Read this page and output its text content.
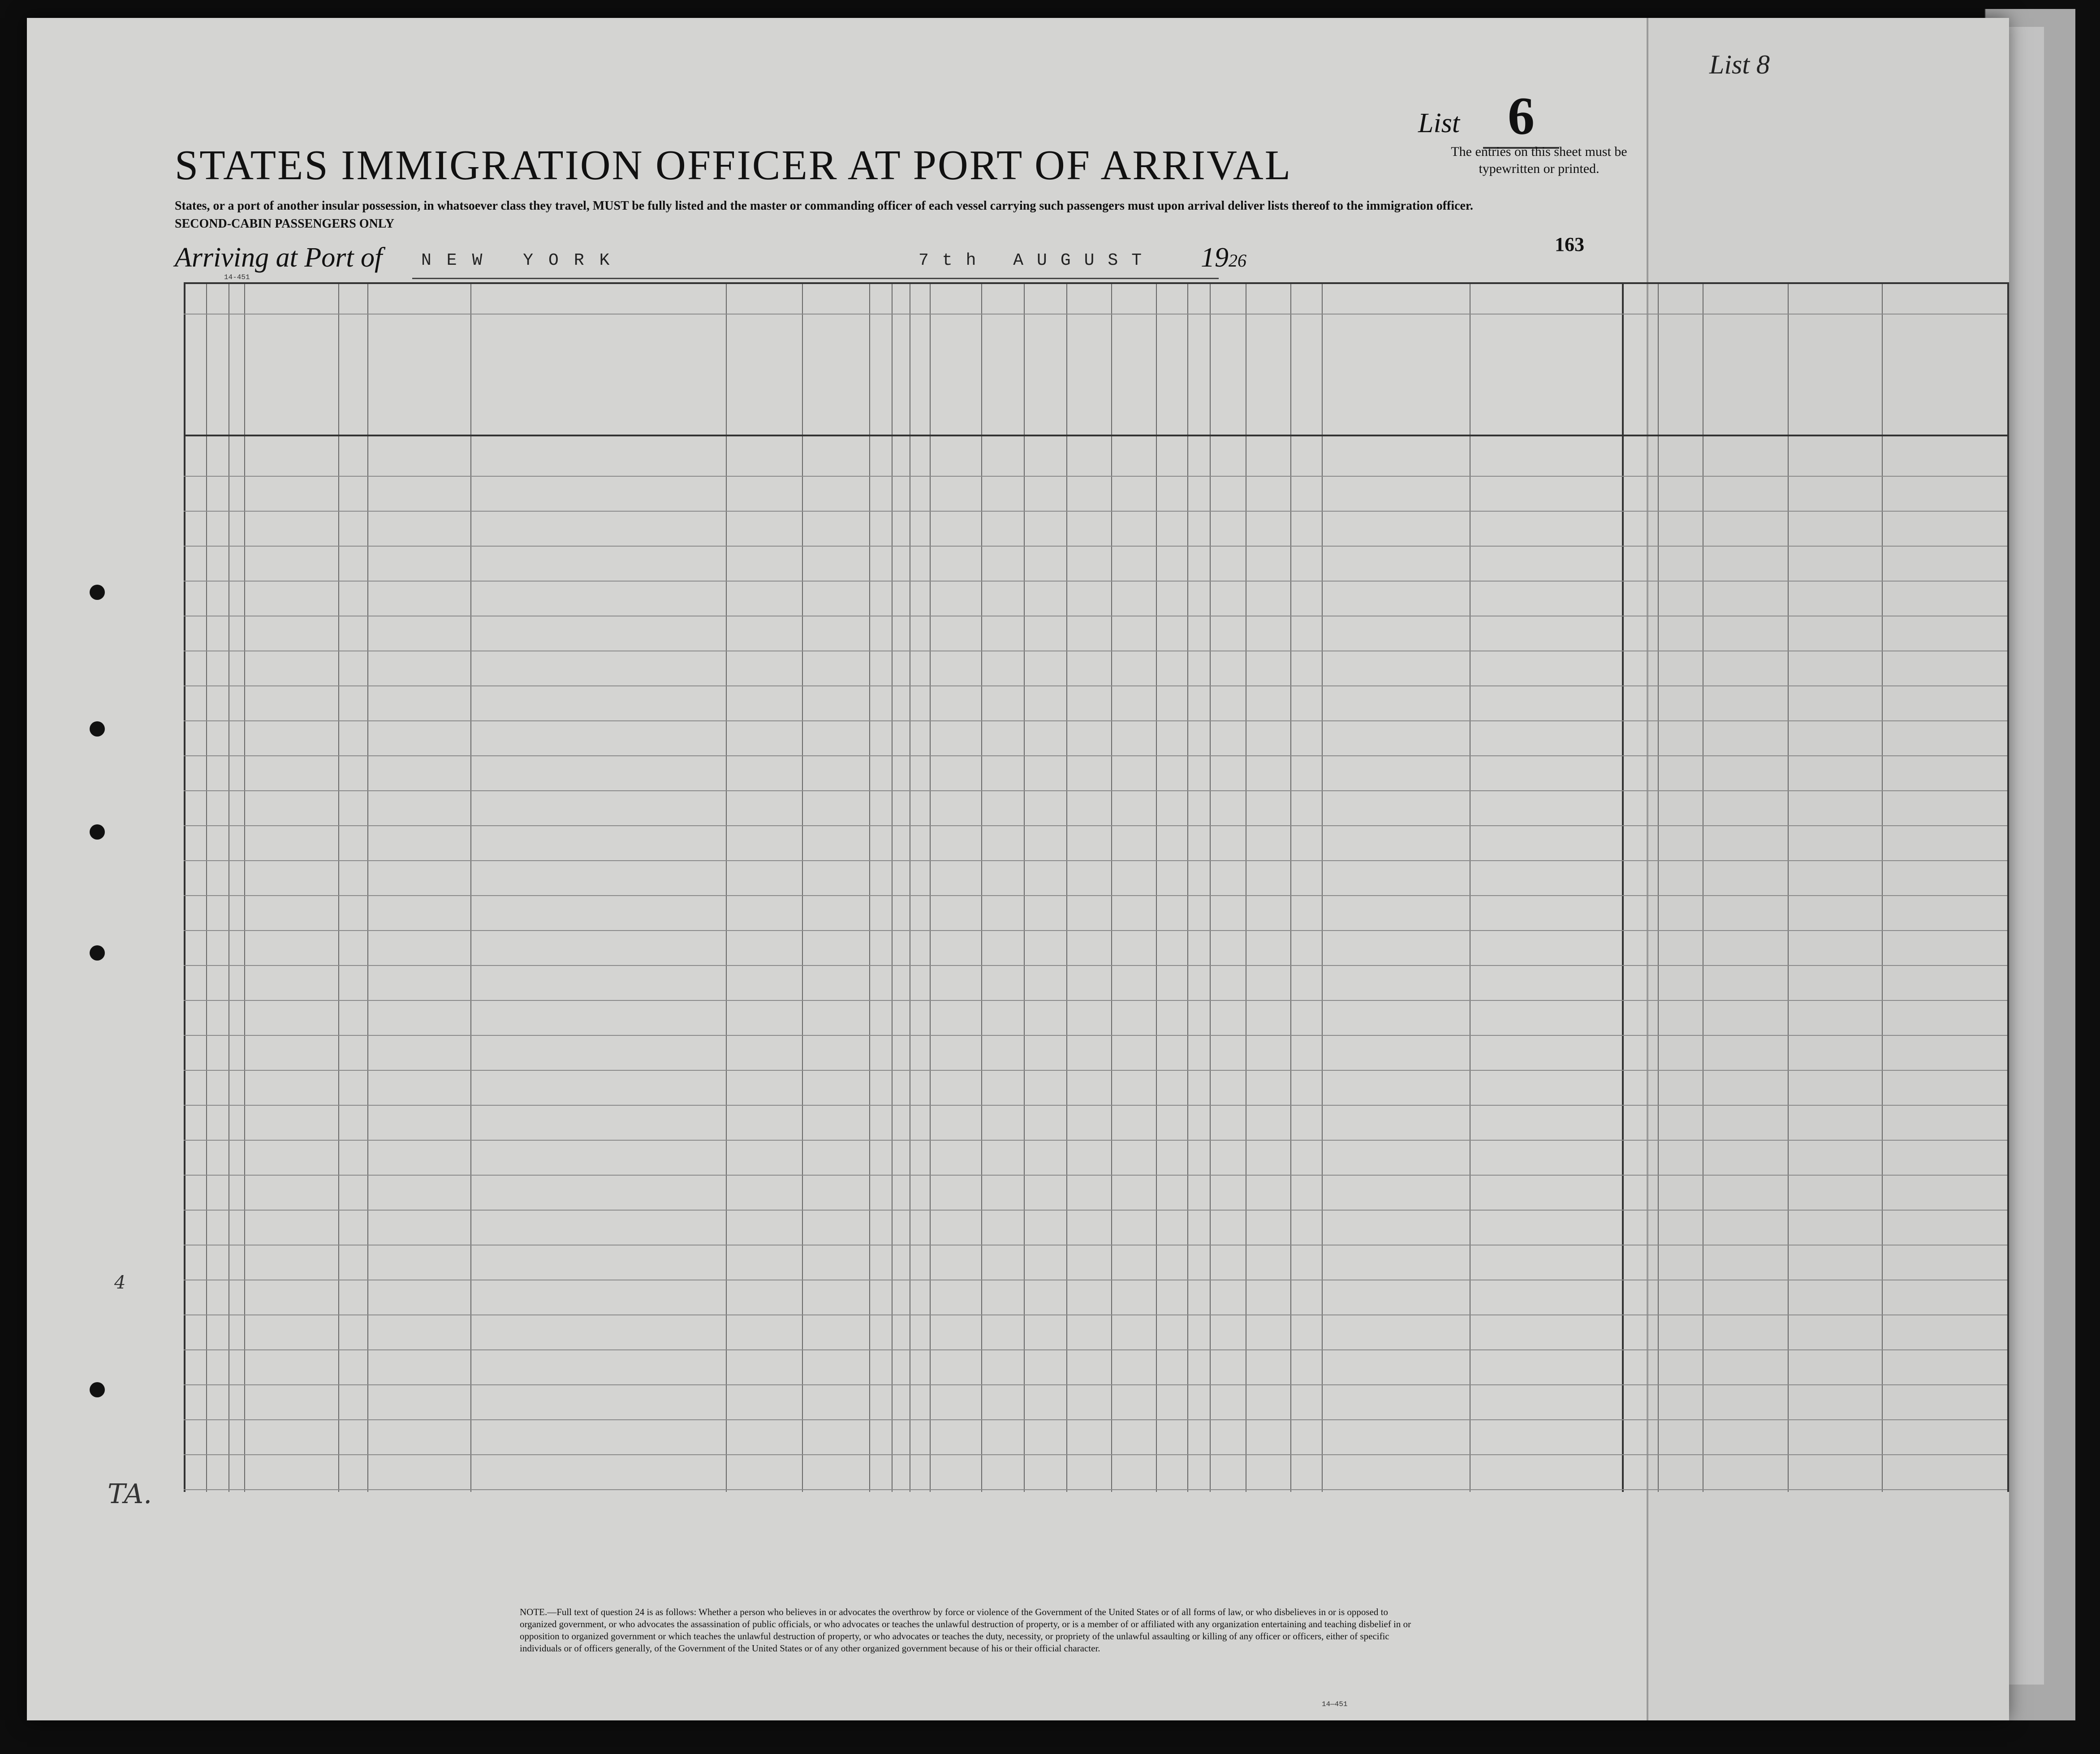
STATES IMMIGRATION OFFICER AT PORT OF ARRIVAL
List 6
List 8
The entries on this sheet must be typewritten or printed.
States, or a port of another insular possession, in whatsoever class they travel, MUST be fully listed and the master or commanding officer of each vessel carrying such passengers must upon arrival deliver lists thereof to the immigration officer.
SECOND-CABIN PASSENGERS ONLY
163
Arriving at Port of NEW YORK	7th AUGUST 1926
14-451
NOTE.—Full text of question 24 is as follows: Whether a person who believes in or advocates the overthrow by force or violence of the Government of the United States or of all forms of law, or who disbelieves in or is opposed to organized government, or who advocates the assassination of public officials, or who advocates or teaches the unlawful destruction of property, or is a member of or affiliated with any organization entertaining and teaching disbelief in or opposition to organized government or which teaches the unlawful destruction of property, or who advocates or teaches the duty, necessity, or propriety of the unlawful assaulting or killing of any officer or officers, either of specific individuals or of officers generally, of the Government of the United States or of any other organized government because of his or their official character.
14—451
TA.
4
